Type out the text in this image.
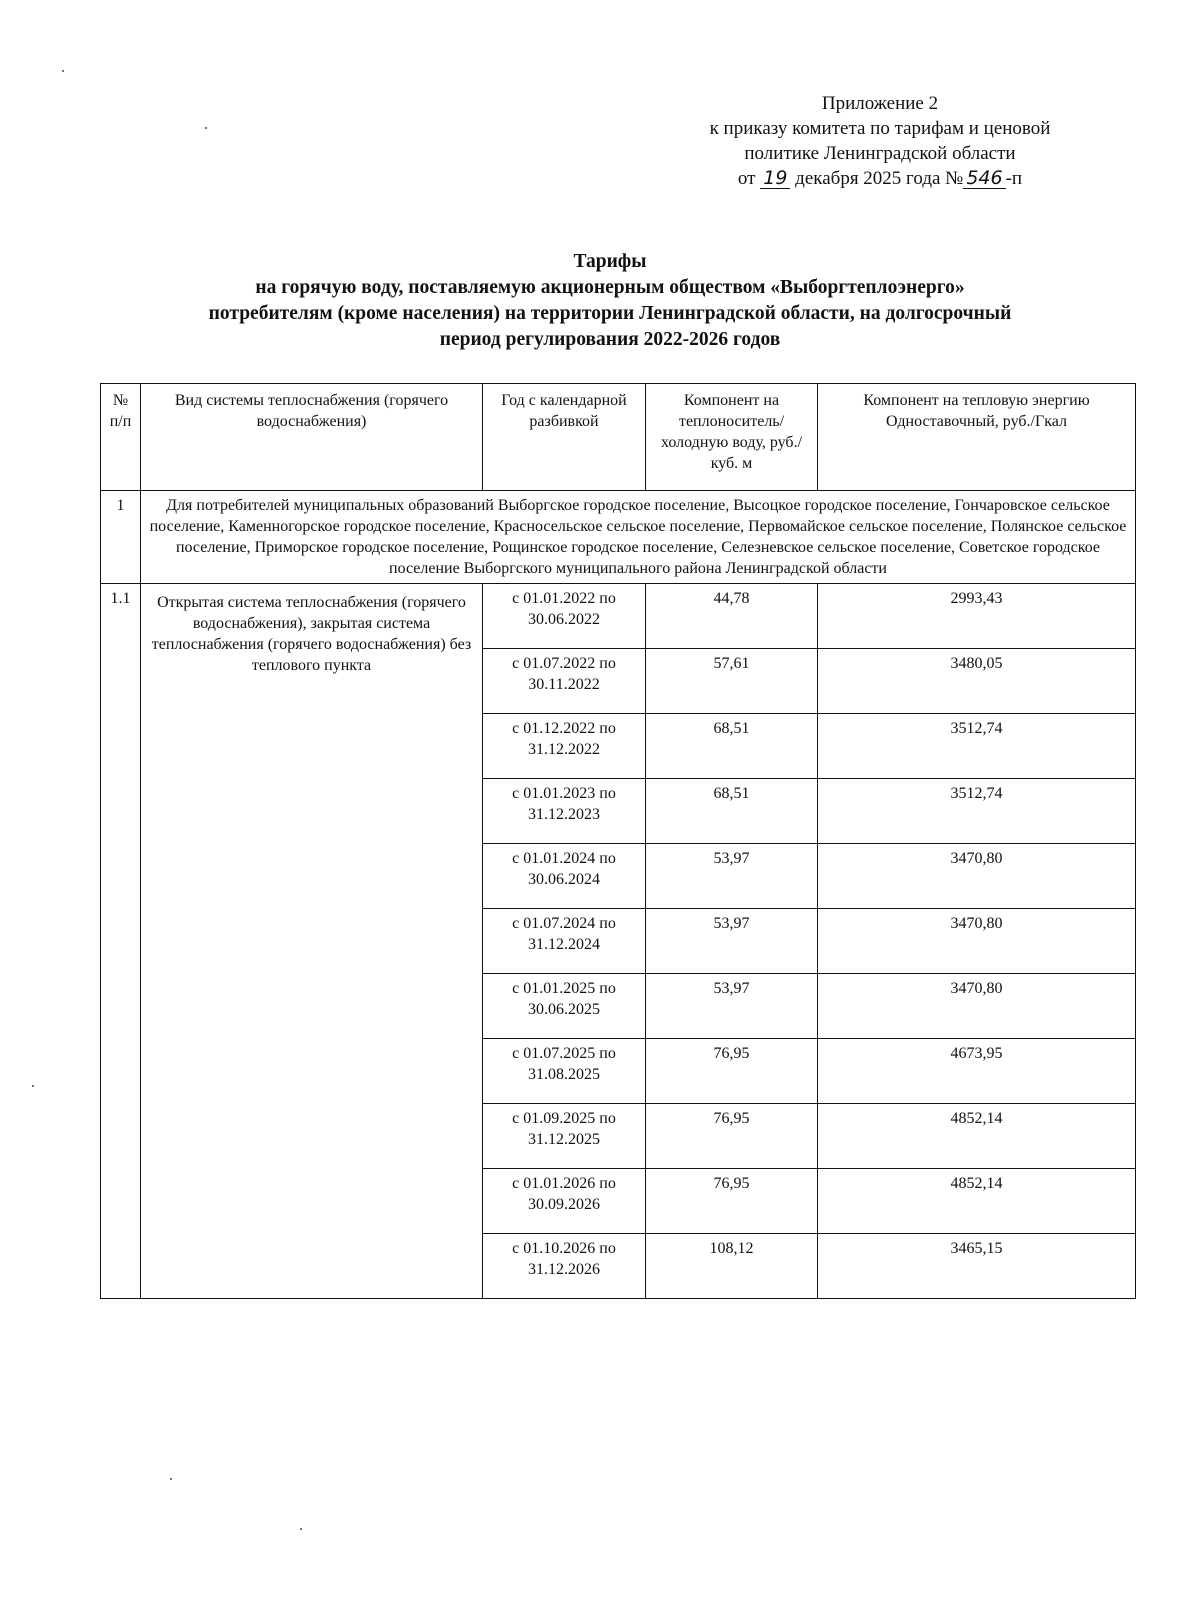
Приложение 2
к приказу комитета по тарифам и ценовой
политике Ленинградской области
от 19 декабря 2025 года № 546 -п
Тарифы
на горячую воду, поставляемую акционерным обществом «Выборгтеплоэнерго»
потребителям (кроме населения) на территории Ленинградской области, на долгосрочный
период регулирования 2022-2026 годов
№ п/п	Вид системы теплоснабжения (горячего водоснабжения)	Год с календарной разбивкой	Компонент на теплоноситель/холодную воду, руб./куб. м	Компонент на тепловую энергию Одноставочный, руб./Гкал
1	Для потребителей муниципальных образований Выборгское городское поселение, Высоцкое городское поселение, Гончаровское сельское поселение, Каменногорское городское поселение, Красносельское сельское поселение, Первомайское сельское поселение, Полянское сельское поселение, Приморское городское поселение, Рощинское городское поселение, Селезневское сельское поселение, Советское городское поселение Выборгского муниципального района Ленинградской области			
1.1	Открытая система теплоснабжения (горячего водоснабжения), закрытая система теплоснабжения (горячего водоснабжения) без теплового пункта	с 01.01.2022 по 30.06.2022	44,78	2993,43
		с 01.07.2022 по 30.11.2022	57,61	3480,05
		с 01.12.2022 по 31.12.2022	68,51	3512,74
		с 01.01.2023 по 31.12.2023	68,51	3512,74
		с 01.01.2024 по 30.06.2024	53,97	3470,80
		с 01.07.2024 по 31.12.2024	53,97	3470,80
		с 01.01.2025 по 30.06.2025	53,97	3470,80
		с 01.07.2025 по 31.08.2025	76,95	4673,95
		с 01.09.2025 по 31.12.2025	76,95	4852,14
		с 01.01.2026 по 30.09.2026	76,95	4852,14
		с 01.10.2026 по 31.12.2026	108,12	3465,15
